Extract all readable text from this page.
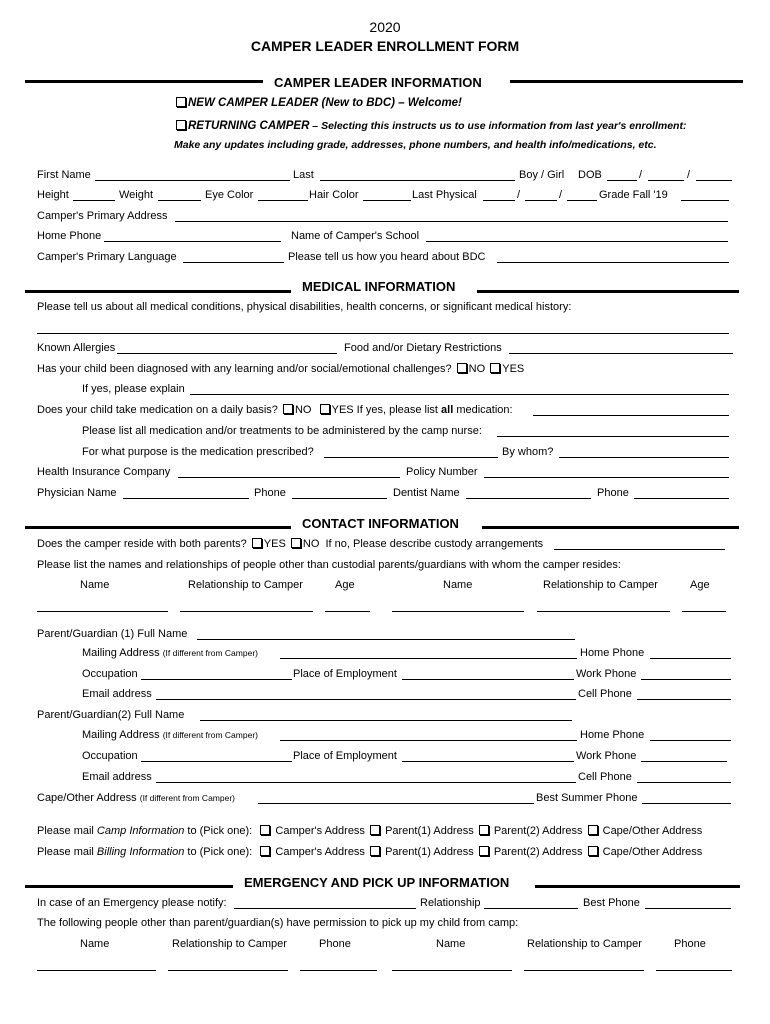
2020
CAMPER LEADER ENROLLMENT FORM
CAMPER LEADER INFORMATION
NEW CAMPER LEADER (New to BDC) – Welcome!
RETURNING CAMPER – Selecting this instructs us to use information from last year's enrollment:
Make any updates including grade, addresses, phone numbers, and health info/medications, etc.
First Name	Last	Boy / Girl DOB	/	/
Height	Weight	Eye Color	Hair Color	Last Physical	/	/	Grade Fall '19
Camper's Primary Address
Home Phone	Name of Camper's School
Camper's Primary Language	Please tell us how you heard about BDC
MEDICAL INFORMATION
Please tell us about all medical conditions, physical disabilities, health concerns, or significant medical history:
Known Allergies	Food and/or Dietary Restrictions
Has your child been diagnosed with any learning and/or social/emotional challenges? NO YES
If yes, please explain
Does your child take medication on a daily basis? NO YES If yes, please list all medication:
Please list all medication and/or treatments to be administered by the camp nurse:
For what purpose is the medication prescribed?	By whom?
Health Insurance Company	Policy Number
Physician Name	Phone	Dentist Name	Phone
CONTACT INFORMATION
Does the camper reside with both parents? YES NO If no, Please describe custody arrangements
Please list the names and relationships of people other than custodial parents/guardians with whom the camper resides:
Name	Relationship to Camper	Age	Name	Relationship to Camper	Age
Parent/Guardian (1) Full Name
Mailing Address (If different from Camper)	Home Phone
Occupation	Place of Employment	Work Phone
Email address	Cell Phone
Parent/Guardian(2) Full Name
Mailing Address (If different from Camper)	Home Phone
Occupation	Place of Employment	Work Phone
Email address	Cell Phone
Cape/Other Address (If different from Camper)	Best Summer Phone
Please mail Camp Information to (Pick one): Camper's Address Parent(1) Address Parent(2) Address Cape/Other Address
Please mail Billing Information to (Pick one): Camper's Address Parent(1) Address Parent(2) Address Cape/Other Address
EMERGENCY AND PICK UP INFORMATION
In case of an Emergency please notify:	Relationship	Best Phone
The following people other than parent/guardian(s) have permission to pick up my child from camp:
Name	Relationship to Camper	Phone	Name	Relationship to Camper	Phone
